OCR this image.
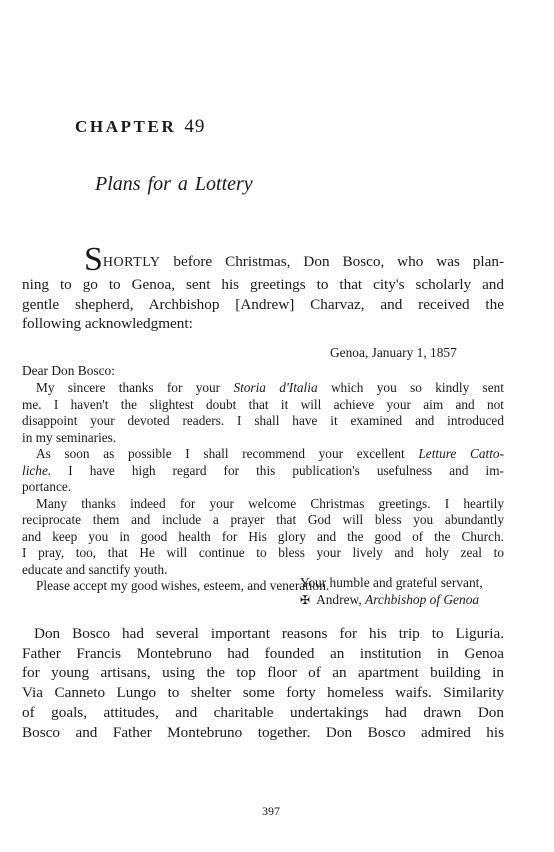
CHAPTER 49
Plans for a Lottery
SHORTLY before Christmas, Don Bosco, who was plan-
ning to go to Genoa, sent his greetings to that city's scholarly and
gentle shepherd, Archbishop [Andrew] Charvaz, and received the
following acknowledgment:
Genoa, January 1, 1857
Dear Don Bosco:
My sincere thanks for your Storia d'Italia which you so kindly sent
me. I haven't the slightest doubt that it will achieve your aim and not
disappoint your devoted readers. I shall have it examined and introduced
in my seminaries.
As soon as possible I shall recommend your excellent Letture Catto-
liche. I have high regard for this publication's usefulness and im-
portance.
Many thanks indeed for your welcome Christmas greetings. I heartily
reciprocate them and include a prayer that God will bless you abundantly
and keep you in good health for His glory and the good of the Church.
I pray, too, that He will continue to bless your lively and holy zeal to
educate and sanctify youth.
Please accept my good wishes, esteem, and veneration.
Your humble and grateful servant,
✠ Andrew, Archbishop of Genoa
Don Bosco had several important reasons for his trip to Liguria.
Father Francis Montebruno had founded an institution in Genoa
for young artisans, using the top floor of an apartment building in
Via Canneto Lungo to shelter some forty homeless waifs. Similarity
of goals, attitudes, and charitable undertakings had drawn Don
Bosco and Father Montebruno together. Don Bosco admired his
397
